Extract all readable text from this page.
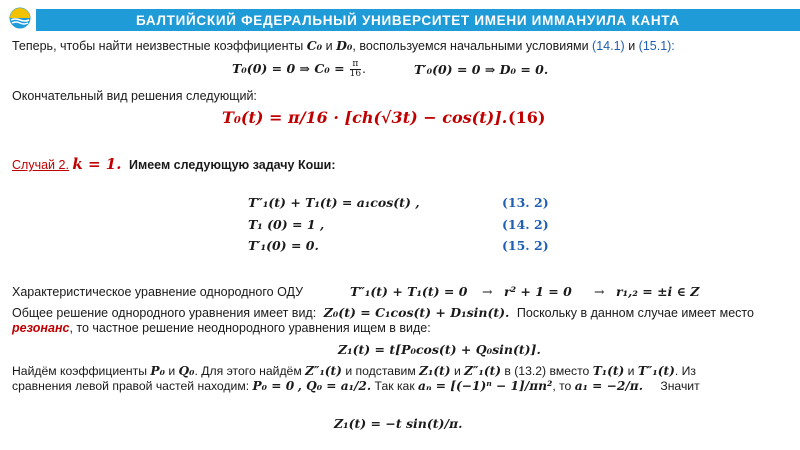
БАЛТИЙСКИЙ ФЕДЕРАЛЬНЫЙ УНИВЕРСИТЕТ ИМЕНИ ИММАНУИЛА КАНТА
Теперь, чтобы найти неизвестные коэффициенты C₀ и D₀, воспользуемся начальными условиями (14.1) и (15.1):
T₀(0) = 0 ⇒ $C_0 = \frac{\pi}{16}$ .	T′₀(0) = 0 ⇒ D₀ = 0.
Окончательный вид решения следующий:
T₀(t) = π/16 · [ch(√3t) − cos(t)]. (16)
Случай 2. k = 1. Имеем следующую задачу Коши:
T″₁(t) + T₁(t) = a₁cos(t) ,	(13. 2)
T₁ (0) = 1 ,	(14. 2)
T′₁(0) = 0.	(15. 2)
Характеристическое уравнение однородного ОДУ	T″₁(t) + T₁(t) = 0 → r² + 1 = 0 → r₁,₂ = ±i ∈ Z
Общее решение однородного уравнения имеет вид: Z₀(t) = C₁cos(t) + D₁sin(t). Поскольку в данном случае имеет место
резонанс, то частное решение неоднородного уравнения ищем в виде:
Z₁(t) = t[P₀cos(t) + Q₀sin(t)].
Найдём коэффициенты P₀ и Q₀. Для этого найдём Z″₁(t) и подставим Z₁(t) и Z″₁(t) в (13.2) вместо T₁(t) и T″₁(t). Из
сравнения левой правой частей находим: P₀ = 0 , Q₀ = a₁/2. Так как aₙ = [(−1)ⁿ − 1]/πn², то a₁ = −2/π. Значит
Z₁(t) = −t sin(t)/π.
